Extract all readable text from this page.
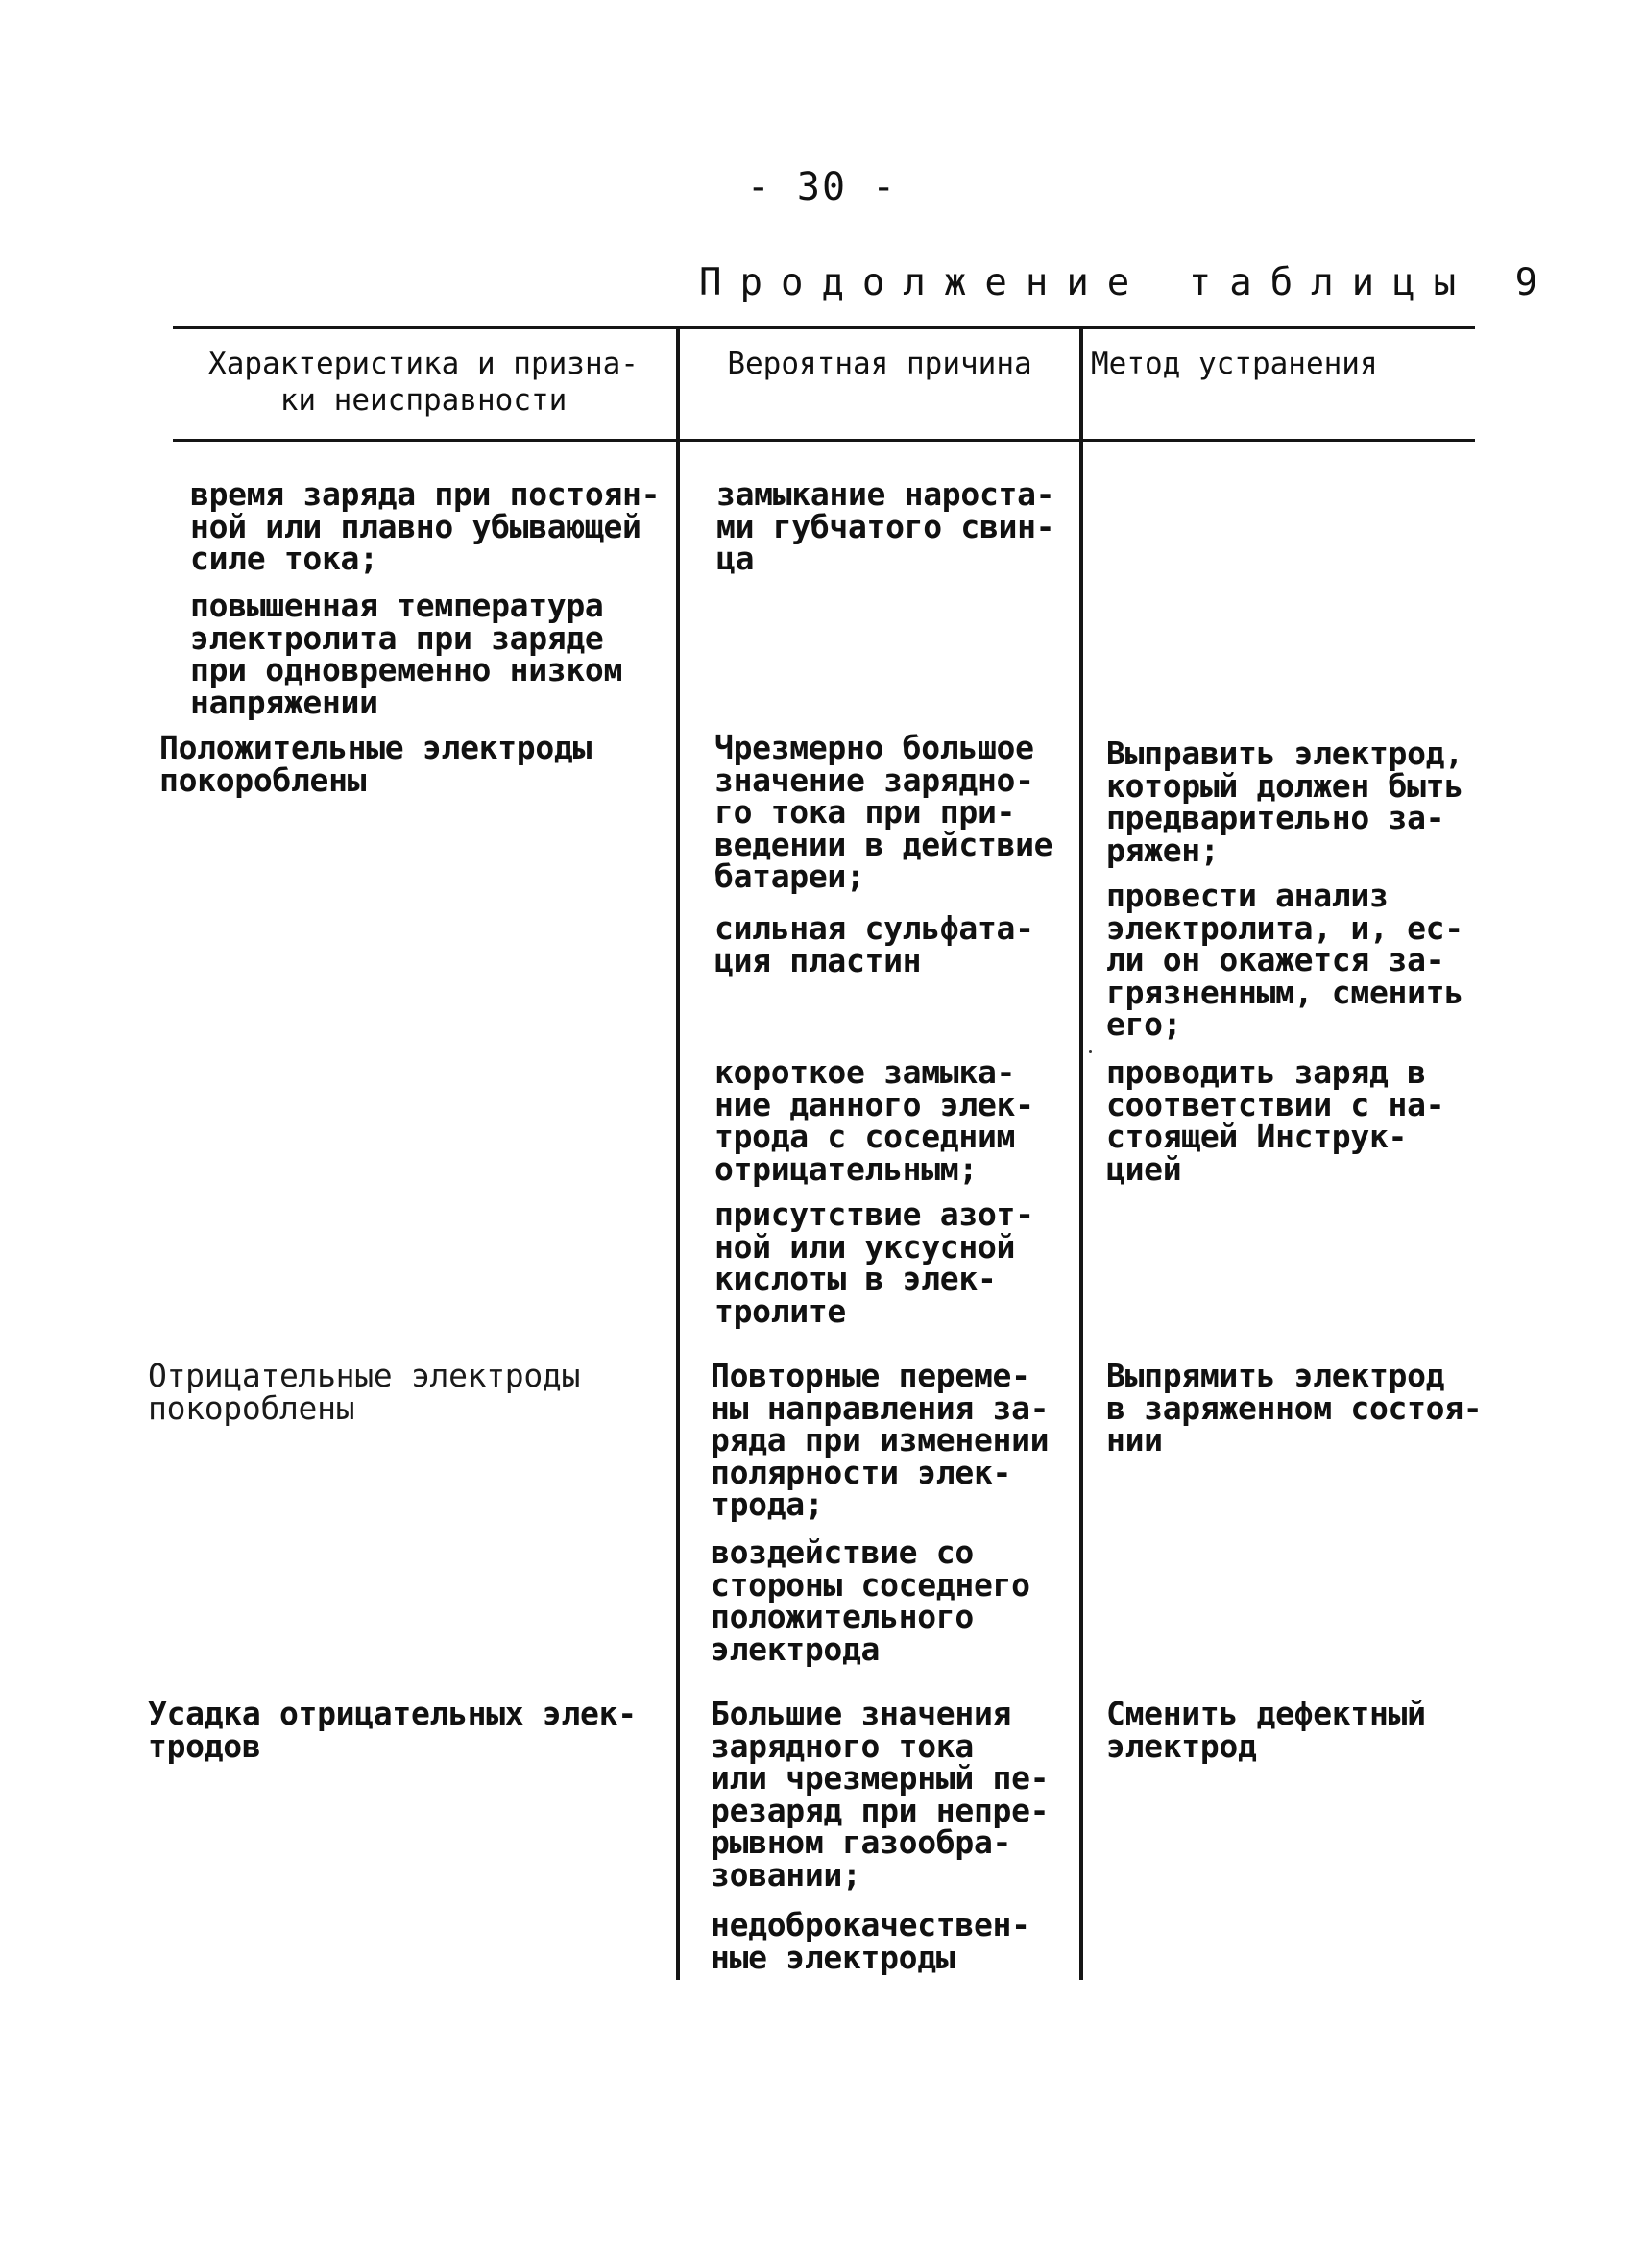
- 30 -
Продолжение таблицы 9
Характеристика и призна-
ки неисправности
Вероятная причина	Метод устранения
время заряда при постоян-
ной или плавно убывающей
силе тока;
повышенная температура
электролита при заряде
при одновременно низком
напряжении
замыкание нароста-
ми губчатого свин-
ца
Положительные электроды
покороблены
Чрезмерно большое
значение зарядно-
го тока при при-
ведении в действие
батареи;
сильная сульфата-
ция пластин
короткое замыка-
ние данного элек-
трода с соседним
отрицательным;
присутствие азот-
ной или уксусной
кислоты в элек-
тролите
Выправить электрод,
который должен быть
предварительно за-
ряжен;
провести анализ
электролита, и, ес-
ли он окажется за-
грязненным, сменить
его;
проводить заряд в
соответствии с на-
стоящей Инструк-
цией
Отрицательные электроды
покороблены
Повторные переме-
ны направления за-
ряда при изменении
полярности элек-
трода;
воздействие со
стороны соседнего
положительного
электрода
Выпрямить электрод
в заряженном состоя-
нии
Усадка отрицательных элек-
тродов
Большие значения
зарядного тока
или чрезмерный пе-
резаряд при непре-
рывном газообра-
зовании;
недоброкачествен-
ные электроды
Сменить дефектный
электрод
